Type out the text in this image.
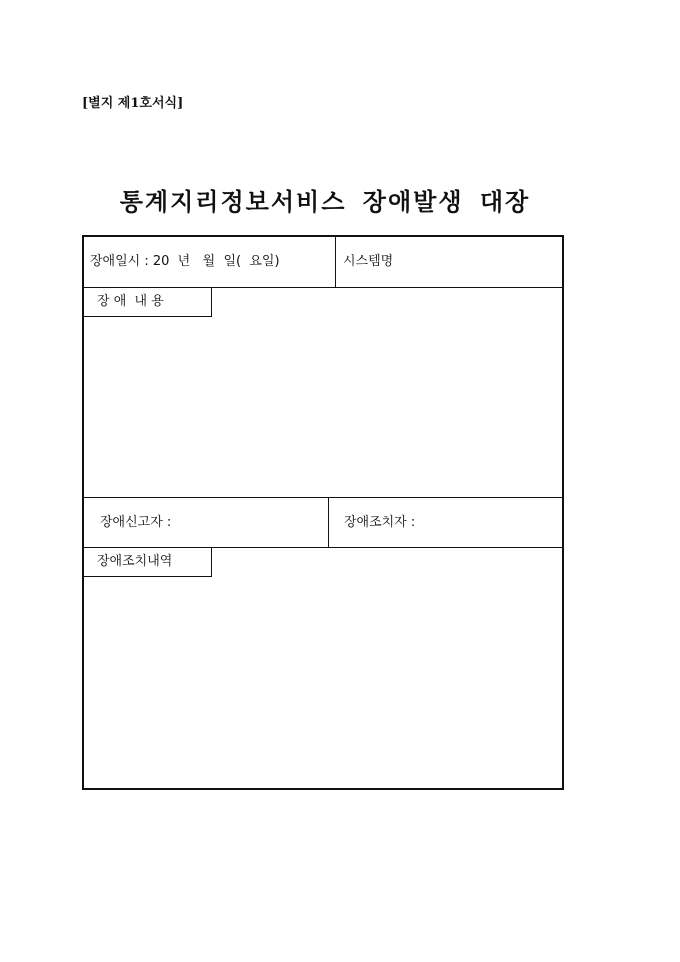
[별지 제1호서식]
통계지리정보서비스 장애발생 대장
장애일시 : 20  년   월  일(  요일)	시스템명
장 애  내 용
장애신고자 :	장애조치자 :
장애조치내역
